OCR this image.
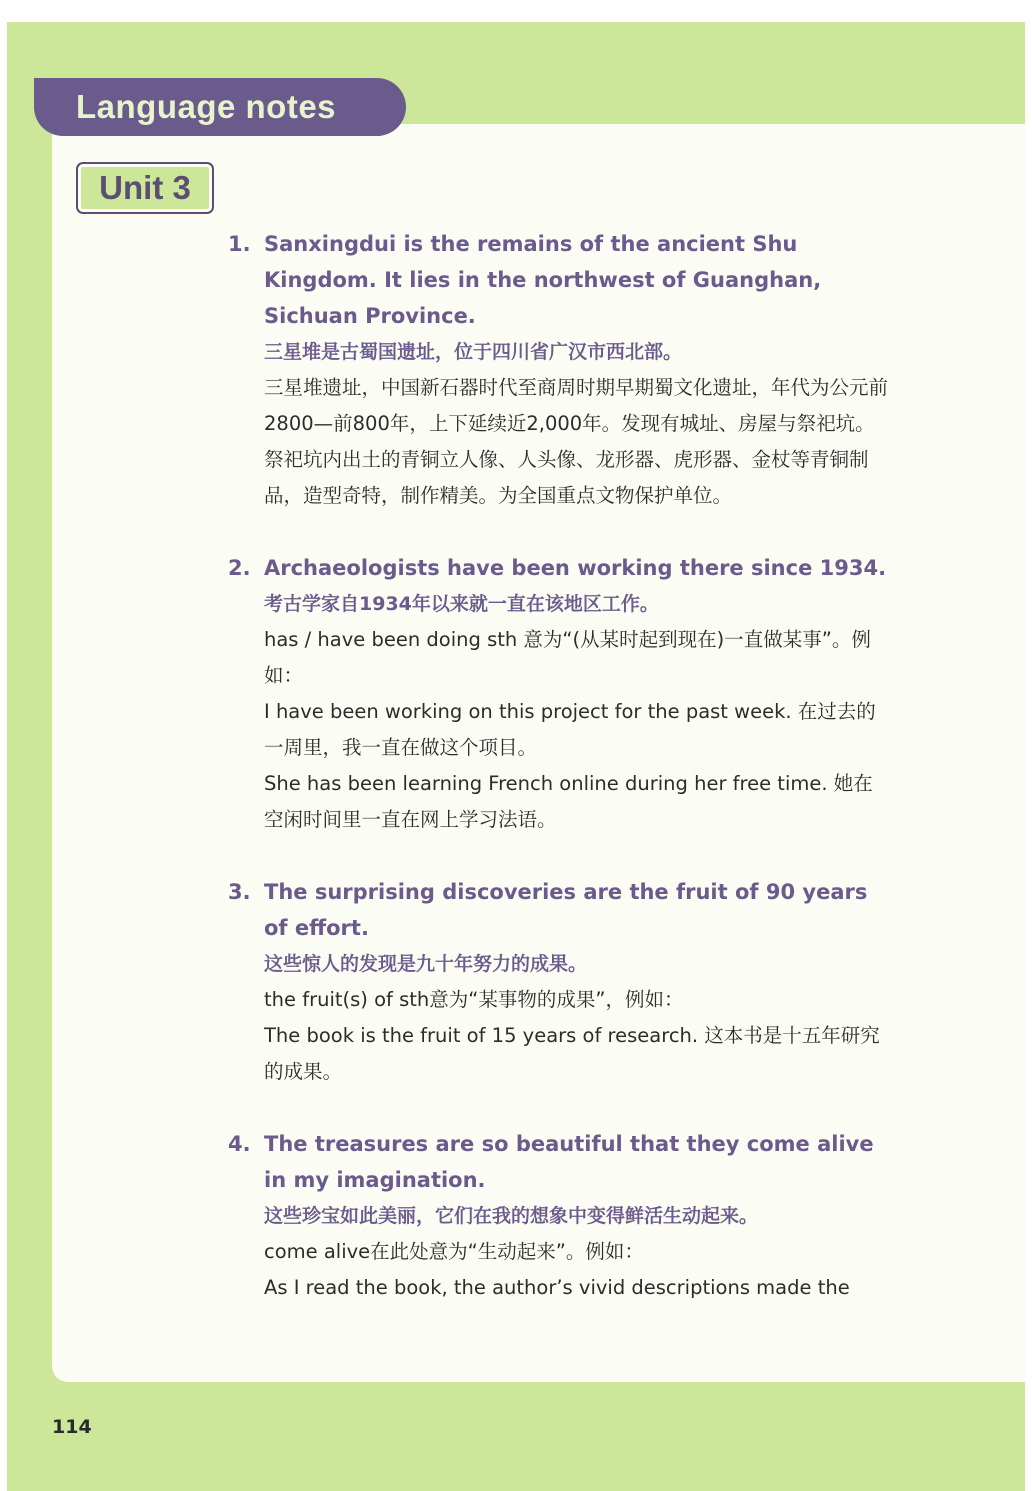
Language notes
Unit 3
1. Sanxingdui is the remains of the ancient Shu Kingdom. It lies in the northwest of Guanghan, Sichuan Province.
三星堆是古蜀国遗址，位于四川省广汉市西北部。
三星堆遗址，中国新石器时代至商周时期早期蜀文化遗址，年代为公元前2800—前800年，上下延续近2,000年。发现有城址、房屋与祭祀坑。祭祀坑内出土的青铜立人像、人头像、龙形器、虎形器、金杖等青铜制品，造型奇特，制作精美。为全国重点文物保护单位。
2. Archaeologists have been working there since 1934.
考古学家自1934年以来就一直在该地区工作。
has / have been doing sth 意为“(从某时起到现在)一直做某事”。例如：
I have been working on this project for the past week. 在过去的一周里，我一直在做这个项目。
She has been learning French online during her free time. 她在空闲时间里一直在网上学习法语。
3. The surprising discoveries are the fruit of 90 years of effort.
这些惊人的发现是九十年努力的成果。
the fruit(s) of sth意为“某事物的成果”，例如：
The book is the fruit of 15 years of research. 这本书是十五年研究的成果。
4. The treasures are so beautiful that they come alive in my imagination.
这些珍宝如此美丽，它们在我的想象中变得鲜活生动起来。
come alive在此处意为“生动起来”。例如：
As I read the book, the author’s vivid descriptions made the
114
